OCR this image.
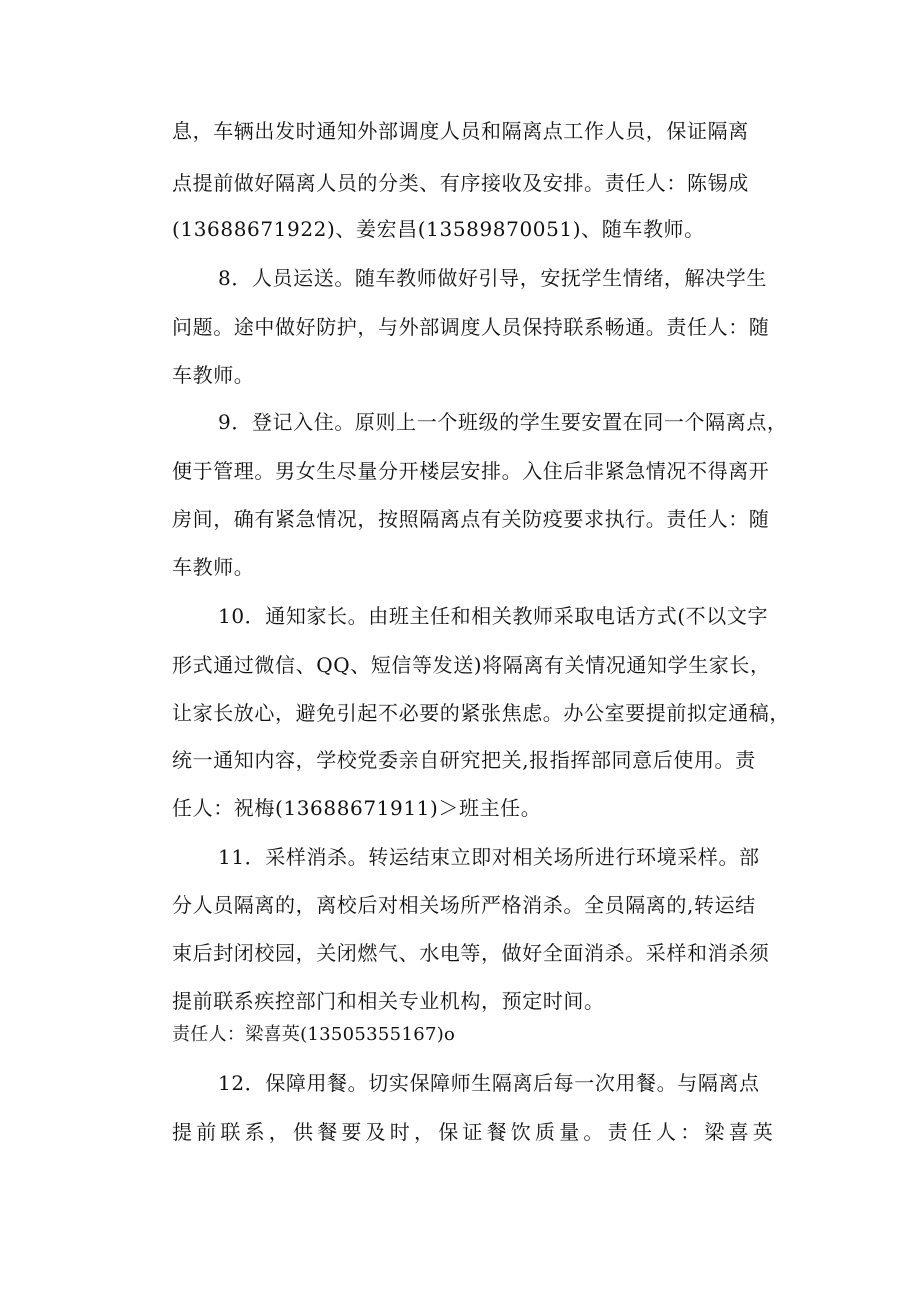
息，车辆出发时通知外部调度人员和隔离点工作人员，保证隔离
点提前做好隔离人员的分类、有序接收及安排。责任人：陈锡成
(13688671922)、姜宏昌(13589870051)、随车教师。
8．人员运送。随车教师做好引导，安抚学生情绪，解决学生
问题。途中做好防护，与外部调度人员保持联系畅通。责任人：随
车教师。
9．登记入住。原则上一个班级的学生要安置在同一个隔离点，
便于管理。男女生尽量分开楼层安排。入住后非紧急情况不得离开
房间，确有紧急情况，按照隔离点有关防疫要求执行。责任人：随
车教师。
10．通知家长。由班主任和相关教师采取电话方式(不以文字
形式通过微信、QQ、短信等发送)将隔离有关情况通知学生家长，
让家长放心，避免引起不必要的紧张焦虑。办公室要提前拟定通稿，
统一通知内容，学校党委亲自研究把关,报指挥部同意后使用。责
任人：祝梅(13688671911)＞班主任。
11．采样消杀。转运结束立即对相关场所进行环境采样。部
分人员隔离的，离校后对相关场所严格消杀。全员隔离的,转运结
束后封闭校园，关闭燃气、水电等，做好全面消杀。采样和消杀须
提前联系疾控部门和相关专业机构，预定时间。
责任人：梁喜英(13505355167)o
12．保障用餐。切实保障师生隔离后每一次用餐。与隔离点
提前联系，供餐要及时，保证餐饮质量。责任人：梁喜英
